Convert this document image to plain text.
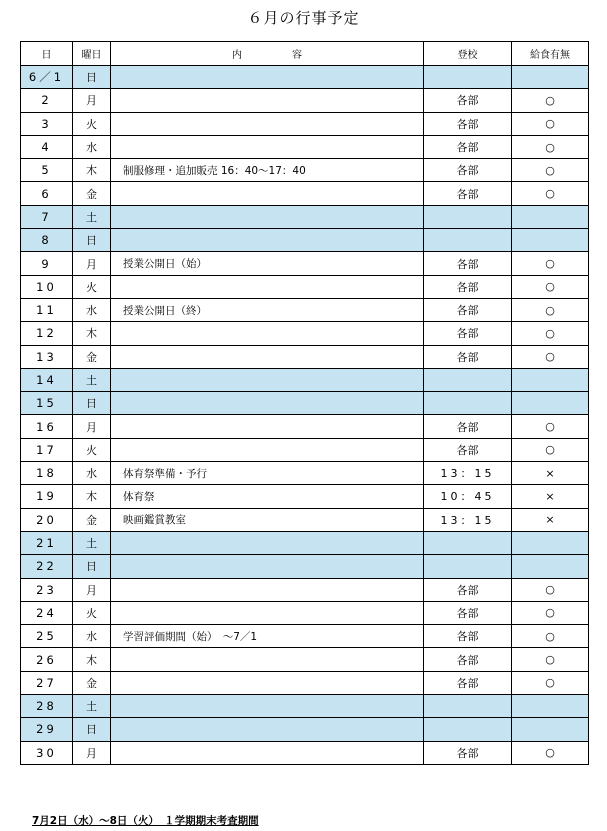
６月の行事予定
日	曜日	内　　　　　容	登校	給食有無
6／1	日			
2	月		各部	○
3	火		各部	○
4	水		各部	○
5	木	制服修理・追加販売 16：40～17：40	各部	○
6	金		各部	○
7	土			
8	日			
9	月	授業公開日（始）	各部	○
10	火		各部	○
11	水	授業公開日（終）	各部	○
12	木		各部	○
13	金		各部	○
14	土			
15	日			
16	月		各部	○
17	火		各部	○
18	水	体育祭準備・予行	13：15	×
19	木	体育祭	10：45	×
20	金	映画鑑賞教室	13：15	×
21	土			
22	日			
23	月		各部	○
24	火		各部	○
25	水	学習評価期間（始）　～7／1	各部	○
26	木		各部	○
27	金		各部	○
28	土			
29	日			
30	月		各部	○
7月2日（水）～8日（火）　１学期期末考査期間
